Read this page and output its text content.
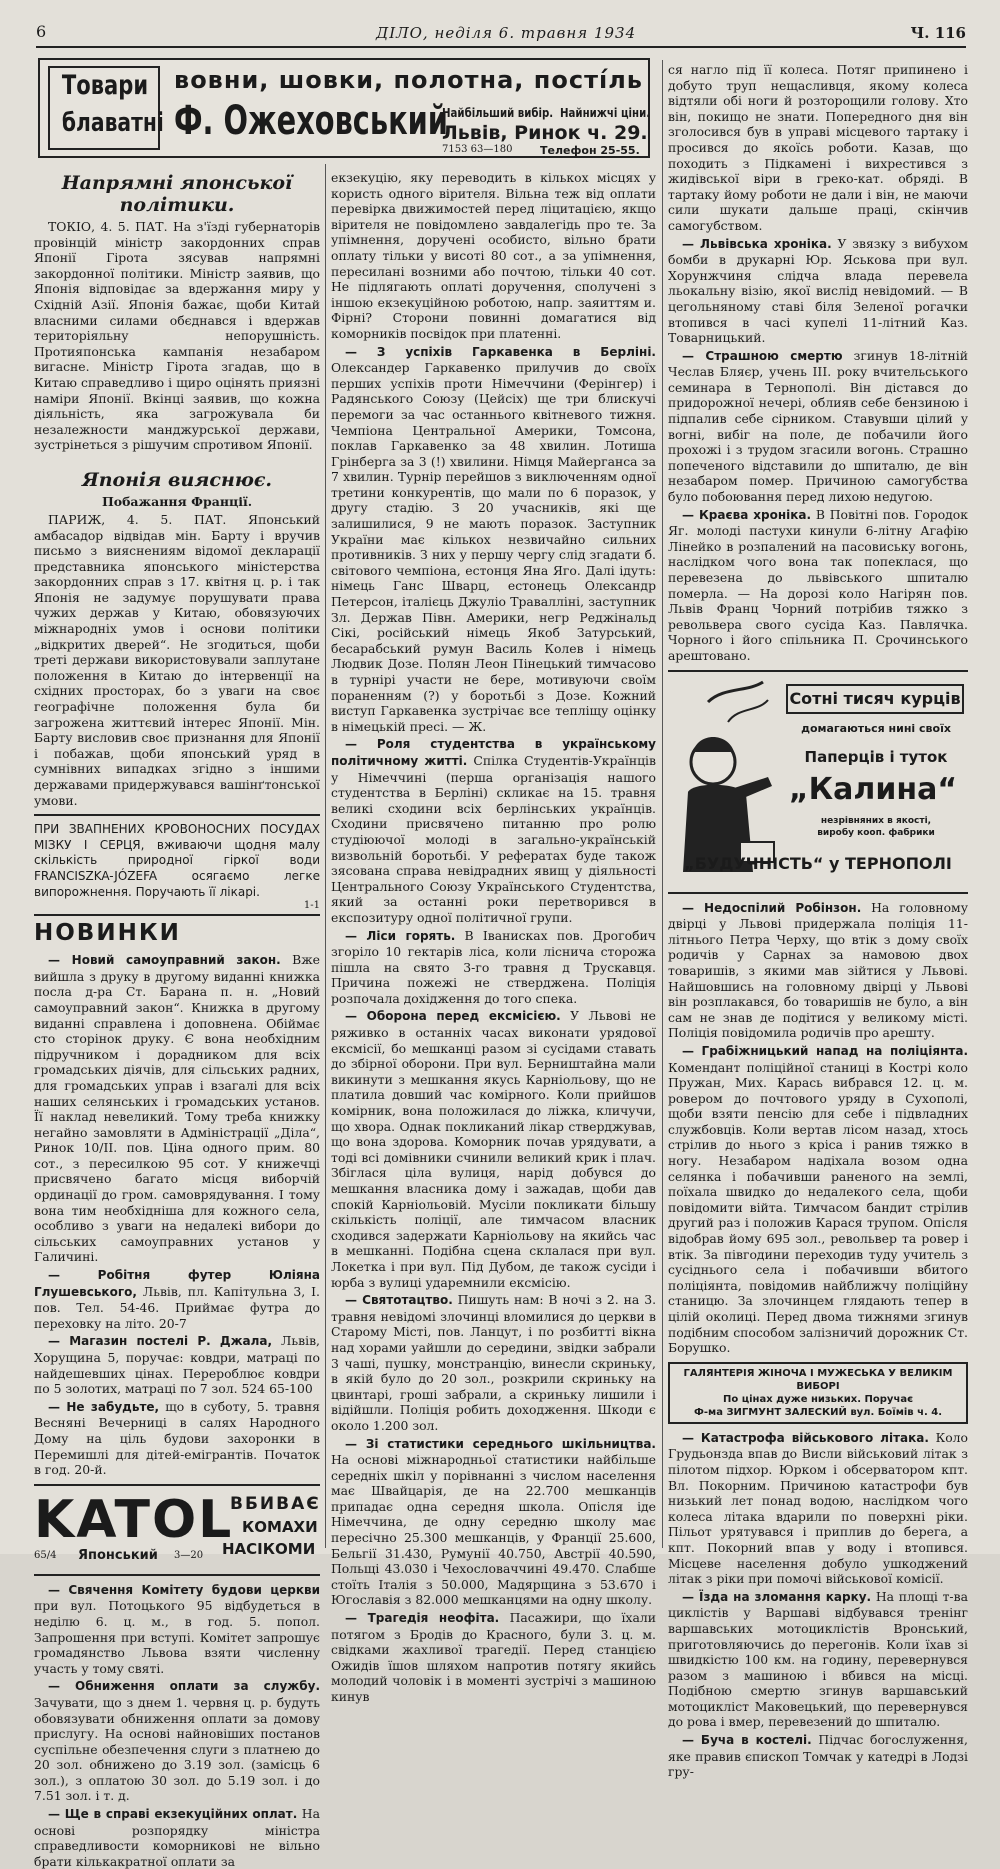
6	ДІЛО, неділя 6. травня 1934	Ч. 116
Товари
блаватні
вовни, шовки, полотна, пості́ль
Ф. Ожеховський
Найбільший вибір. Найнижчі ціни.
Львів, Ринок ч. 29.
7153 63—180	Телефон 25-55.
Напрямні японської політики.

ТОКІО, 4. 5. ПАТ. На з'їзді губернаторів провінцій міністр закордонних справ Японії Гірота зясував напрямні закордонної політики. Міністр заявив, що Японія відповідає за вдержання миру у Східній Азії. Японія бажає, щоби Китай власними силами обєднався і вдержав територіяльну непорушність. Протияпонська кампанія незабаром вигасне. Міністр Гірота згадав, що в Китаю справедливо і щиро оцінять приязні наміри Японії. Вкінці заявив, що кожна діяльність, яка загрожувала би незалежности манджурської держави, зустрінеться з рішучим спротивом Японії.

Японія вияснює.
Побажання Франції.

ПАРИЖ, 4. 5. ПАТ. Японський амбасадор відвідав мін. Барту і вручив письмо з вияснениям відомої декларації представника японського міністерства закордонних справ з 17. квітня ц. р. і так Японія не задумує порушувати права чужих держав у Китаю, обовязуючих міжнародніх умов і основи політики „відкритих дверей“. Не згодиться, щоби треті держави використовували заплутане положення в Китаю до інтервенції на східних просторах, бо з уваги на своє географічне положення була би загрожена життєвий інтерес Японії. Мін. Барту висловив своє признання для Японії і побажав, щоби японський уряд в сумнівних випадках згідно з іншими державами придержувався вашінґтонської умови.

ПРИ ЗВАПНЕНИХ КРОВОНОСНИХ ПОСУДАХ МІЗКУ І СЕРЦЯ, вживаючи щодня малу скількість природної гіркої води FRANCISZKA-JÓZEFA осягаємо легке випорожнення. Поручають її лікарі.

1-1
НОВИНКИ

— Новий самоуправний закон. Вже вийшла з друку в другому виданні книжка посла д-ра Ст. Барана п. н. „Новий самоуправний закон“. Книжка в другому виданні справлена і доповнена. Обіймає сто сторінок друку. Є вона необхідним підручником і дорадником для всіх громадських діячів, для сільських радних, для громадських управ і взагалі для всіх наших селянських і громадських установ. Її наклад невеликий. Тому треба книжку негайно замовляти в Адміністрації „Діла“, Ринок 10/II. пов. Ціна одного прим. 80 сот., з пересилкою 95 сот. У книжечці присвячено багато місця виборчій ординації до гром. самоврядування. І тому вона тим необхідніша для кожного села, особливо з уваги на недалекі вибори до сільських самоуправних установ у Галичині.

— Робітня футер Юліяна Глушевського, Львів, пл. Капітульна 3, І. пов. Тел. 54-46. Приймає футра до переховку на літо. 20-7

— Магазин постелі Р. Джала, Львів, Хорущина 5, поручає: ковдри, матраці по найдешевших цінах. Перероблює ковдри по 5 золотих, матраці по 7 зол. 524 65-100

— Не забудьте, що в суботу, 5. травня Весняні Вечерниці в салях Народного Дому на ціль будови захоронки в Перемишлі для дітей-емігрантів. Початок в год. 20-й.

KATOL
ВБИВАЄ
КОМАХИ
НАСІКОМИ
65/4 Японський 3—20

— Свячення Комітету будови церкви при вул. Потоцького 95 відбудеться в неділю 6. ц. м., в год. 5. попол. Запрошення при вступі. Комітет запрошує громадянство Львова взяти численну участь у тому святі.

— Обниження оплати за службу. Зачувати, що з днем 1. червня ц. р. будуть обовязувати обниження оплати за домову прислугу. На основі найновіших постанов суспільне обезпечення слуги з платнею до 20 зол. обнижено до 3.19 зол. (замісць 6 зол.), з оплатою 30 зол. до 5.19 зол. і до 7.51 зол. і т. д.

— Ще в справі екзекуційних оплат. На основі розпорядку міністра справедливости коморникові не вільно брати кількакратної оплати за

екзекуцію, яку переводить в кількох місцях у користь одного вірителя. Вільна теж від оплати перевірка движимостей перед ліцитацією, якщо вірителя не повідомлено завдалегідь про те. За упімнення, доручені особисто, вільно брати оплату тільки у висоті 80 сот., а за упімнення, пересилані возними або почтою, тільки 40 сот. Не підлягають оплаті доручення, сполучені з іншою екзекуційною роботою, напр. заяиттям и. Фірні? Сторони повинні домагатися від коморників посвідок при платенні.

— З успіхів Гаркавенка в Берліні. Олександер Гаркавенко прилучив до своїх перших успіхів проти Німеччини (Ферінгер) і Радянського Союзу (Цейсіх) ще три блискучі перемоги за час останнього квітневого тижня. Чемпіона Центральної Америки, Томсона, поклав Гаркавенко за 48 хвилин. Лотиша Грінберга за 3 (!) хвилини. Німця Майерганса за 7 хвилин. Турнір перейшов з виключенням одної третини конкурентів, що мали по 6 поразок, у другу стадію. З 20 учасників, які ще залишилися, 9 не мають поразок. Заступник України має кількох незвичайно сильних противників. З них у першу чергу слід згадати б. світового чемпіона, естонця Яна Яго. Далі ідуть: німець Ганс Шварц, естонець Олександр Петерсон, італієць Джуліо Травалліні, заступник Зл. Держав Півн. Америки, негр Реджінальд Сікі, російський німець Якоб Затурський, бесарабський румун Василь Колев і німець Людвик Дозе. Полян Леон Пінецький тимчасово в турнірі участи не бере, мотивуючи своїм пораненням (?) у боротьбі з Дозе. Кожний виступ Гаркавенка зустрічає все тепліщу оцінку в німецькій пресі. — Ж.

— Роля студентства в українському політичному житті. Спілка Студентів-Українців у Німеччині (перша організація нашого студентства в Берліні) скликає на 15. травня великі сходини всіх берлінських українців. Сходини присвячено питанню про ролю студіюючої молоді в загально-українській визвольній боротьбі. У рефератах буде також зясована справа невідрадних явищ у діяльності Центрального Союзу Українського Студентства, який за останні роки перетворився в експозитуру одної політичної групи.

— Ліси горять. В Іванисках пов. Дрогобич згоріло 10 гектарів ліса, коли ліснича сторожа пішла на свято 3-го травня д Трускавця. Причина пожежі не стверджена. Поліція розпочала дохідження до того спека.

— Оборона перед ексмісією. У Львові не ряживко в останніх часах виконати урядової ексмісії, бо мешканці разом зі сусідами ставать до збірної оборони. При вул. Берништайна мали викинути з мешкання якусь Карніольову, що не платила довший час комірного. Коли прийшов комірник, вона положилася до ліжка, кличучи, що хвора. Однак покликаний лікар стверджував, що вона здорова. Коморник почав урядувати, а тоді всі домівники счинили великий крик і плач. Збіглася ціла вулиця, нарід добувся до мешкання власника дому і зажадав, щоби дав спокій Карніольовій. Мусіли покликати більшу скількість поліції, але тимчасом власник сходився задержати Карніольову на якийсь час в мешканні. Подібна сцена склалася при вул. Локетка і при вул. Під Дубом, де також сусіди і юрба з вулиці ударемнили ексмісію.

— Святотацтво. Пишуть нам: В ночі з 2. на 3. травня невідомі злочинці вломилися до церкви в Старому Місті, пов. Ланцут, і по розбитті вікна над хорами уайшли до середини, звідки забрали 3 чаші, пушку, монстранцію, винесли скриньку, в якій було до 20 зол., розкрили скриньку на цвинтарі, гроші забрали, а скриньку лишили і відійшли. Поліція робить доходження. Шкоди є около 1.200 зол.

— Зі статистики середнього шкільництва. На основі міжнародньої статистики найбільше середніх шкіл у порівнанні з числом населення має Швайцарія, де на 22.700 мешканців припадає одна середня школа. Опісля іде Німеччина, де одну середню школу має пересічно 25.300 мешканців, у Франції 25.600, Бельгії 31.430, Румунії 40.750, Австрії 40.590, Польщі 43.030 і Чехословаччині 49.470. Слабше стоїть Італія з 50.000, Мадярщина з 53.670 і Югославія з 82.000 мешканцями на одну школу.

— Трагедія неофіта. Пасажири, що їхали потягом з Бродів до Красного, були 3. ц. м. свідками жахливої трагедії. Перед станцією Ожидів їшов шляхом напротив потягу якийсь молодий чоловік і в моменті зустрічі з машиною кинув

ся нагло під її колеса. Потяг припинено і добуто труп нещасливця, якому колеса відтяли обі ноги й розторощили голову. Хто він, покищо не знати. Попередного дня він зголосився був в управі місцевого тартаку і просився до якоїсь роботи. Казав, що походить з Підкамені і вихрестився з жидівської віри в греко-кат. обряді. В тартаку йому роботи не дали і він, не маючи сили шукати дальше праці, скінчив самогубством.

— Львівська хроніка. У звязку з вибухом бомби в друкарні Юр. Яськова при вул. Хорунжчиня слідча влада перевела льокальну візію, якої вислід невідомий. — В цегольняному ставі біля Зеленої рогачки втопився в часі купелі 11-літний Каз. Товарницький.

— Страшною смертю згинув 18-літній Чеслав Бляєр, учень ІІІ. року вчительського семинара в Тернополі. Він дістався до придорожної нечері, облияв себе бензиною і підпалив себе сірником. Ставувши цілий у вогні, вибіг на поле, де побачили його прохожі і з трудом згасили вогонь. Страшно попеченого відставили до шпиталю, де він незабаром помер. Причиною самогубства було побоювання перед лихою недугою.

— Краєва хроніка. В Повітні пов. Городок Яг. молоді пастухи кинули 6-літну Агафію Лінейко в розпалений на пасовиську вогонь, наслідком чого вона так попеклася, що перевезена до львівського шпиталю померла. — На дорозі коло Нагірян пов. Львів Франц Чорний потрібив тяжко з револьвера свого сусіда Каз. Павлячка. Чорного і його спільника П. Срочинського арештовано.

Сотні тисяч курців
домагаються нині своїх
Паперців і туток
„Калина“
незрівняних в якості,
виробу кооп. фабрики
„БУДУЧНІСТЬ“ у ТЕРНОПОЛІ

— Недоспілий Робінзон. На головному двірці у Львові придержала поліція 11-літнього Петра Черху, що втік з дому своїх родичів у Сарнах за намовою двох товаришів, з якими мав зійтися у Львові. Найшовшись на головному двірці у Львові він розплакався, бо товаришів не було, а він сам не знав де подітися у великому місті. Поліція повідомила родичів про арешту.

— Грабіжницький напад на поліціянта. Комендант поліційної станиці в Кострі коло Пружан, Мих. Карась вибрався 12. ц. м. ровером до почтового уряду в Сухополі, щоби взяти пенсію для себе і підвладних службовців. Коли вертав лісом назад, хтось стрілив до нього з кріса і ранив тяжко в ногу. Незабаром надіхала возом одна селянка і побачивши раненого на землі, поїхала швидко до недалекого села, щоби повідомити війта. Тимчасом бандит стрілив другий раз і положив Карася трупом. Опісля відобрав йому 695 зол., револьвер та ровер і втік. За півгодини переходив тудy учитель з сусіднього села і побачивши вбитого поліціянта, повідомив найближчу поліційну станицю. За злочинцем глядають тепер в цілій околиці. Перед двома тижнями згинув подібним способом залізничий дорожник Ст. Борушко.

ГАЛЯНТЕРІЯ ЖІНОЧА І МУЖЕСЬКА У ВЕЛИКІМ ВИБОРІ
По цінах дуже низьких. Поручає
Ф-ма ЗИГМУНТ ЗАЛЕСКИЙ вул. Боїмів ч. 4.

— Катастрофа військового літака. Коло Грудьонзда впав до Висли військовий літак з пілотом підхор. Юрком і обсерватором кпт. Вл. Покорним. Причиною катастрофи був низький лет понад водою, наслідком чого колеса літака вдарили по поверхні ріки. Пільот урятувався і приплив до берега, а кпт. Покорний впав у воду і втопився. Місцеве населення добуло ушкоджений літак з ріки при помочі військової комісії.

— Їзда на зломання карку. На площі т-ва циклістів у Варшаві відбувався тренінг варшавських мотоциклістів Вронський, приготовляючись до перегонів. Коли їхав зі швидкістю 100 км. на годину, перевернувся разом з машиною і вбився на місці. Подібною смертю згинув варшавський мотоцикліст Маковецький, що перевернувся до рова і вмер, перевезений до шпиталю.

— Буча в костелі. Підчас богослуження, яке правив єпископ Томчак у катедрі в Лодзі гру-
